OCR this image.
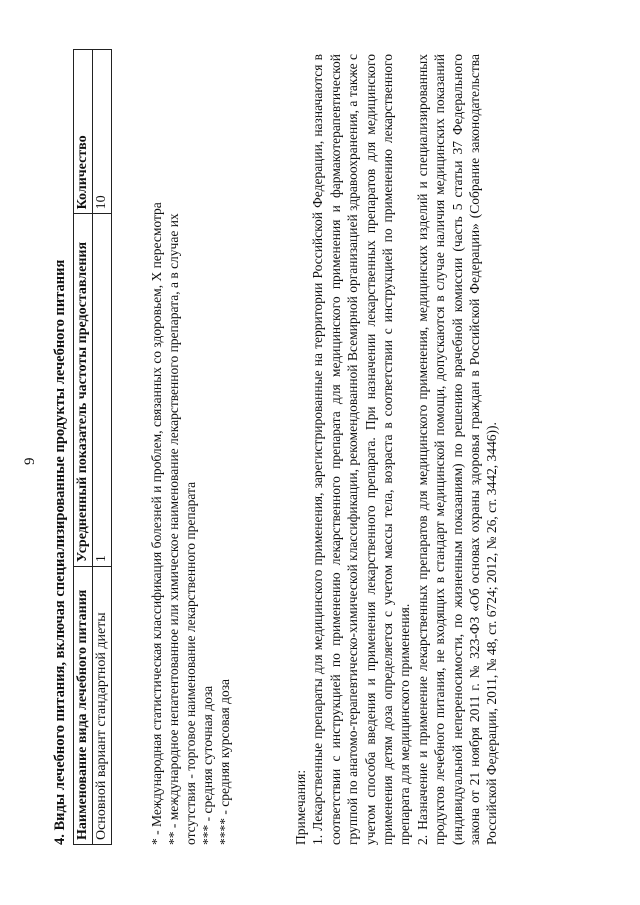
9 4. Виды лечебного питания, включая специализированные продукты лечебного питания Наименование вида лечебного питания	Усредненный показатель частоты предоставления	Количество
Основной вариант стандартной диеты	1	10	* - Международная статистическая классификация болезней и проблем, связанных со здоровьем, X пересмотра ** - международное непатентованное или химическое наименование лекарственного препарата, а в случае их отсутствия - торговое наименование лекарственного препарата *** - средняя суточная доза **** - средняя курсовая доза	Примечания: 1. Лекарственные препараты для медицинского применения, зарегистрированные на территории Российской Федерации, назначаются в соответствии с инструкцией по применению лекарственного препарата для медицинского применения и фармакотерапевтической группой по анатомо-терапевтическо-химической классификации, рекомендованной Всемирной организацией здравоохранения, а также с учетом способа введения и применения лекарственного препарата. При назначении лекарственных препаратов для медицинского применения детям доза определяется с учетом массы тела, возраста в соответствии с инструкцией по применению лекарственного препарата для медицинского применения. 2. Назначение и применение лекарственных препаратов для медицинского применения, медицинских изделий и специализированных продуктов лечебного питания, не входящих в стандарт медицинской помощи, допускаются в случае наличия медицинских показаний (индивидуальной непереносимости, по жизненным показаниям) по решению врачебной комиссии (часть 5 статьи 37 Федерального закона от 21 ноября 2011 г. № 323-ФЗ «Об основах охраны здоровья граждан в Российской Федерации» (Собрание законодательства Российской Федерации, 2011, № 48, ст. 6724; 2012, № 26, ст. 3442, 3446)).
